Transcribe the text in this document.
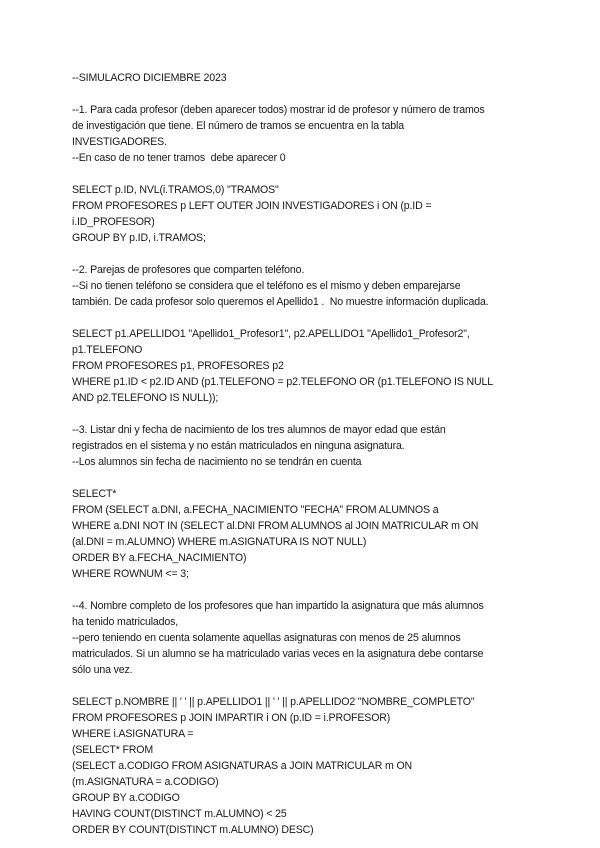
--SIMULACRO DICIEMBRE 2023
--1. Para cada profesor (deben aparecer todos) mostrar id de profesor y número de tramos
de investigación que tiene. El número de tramos se encuentra en la tabla
INVESTIGADORES.
--En caso de no tener tramos  debe aparecer 0
SELECT p.ID, NVL(i.TRAMOS,0) "TRAMOS"
FROM PROFESORES p LEFT OUTER JOIN INVESTIGADORES i ON (p.ID =
i.ID_PROFESOR)
GROUP BY p.ID, i.TRAMOS;
--2. Parejas de profesores que comparten teléfono.
--Si no tienen teléfono se considera que el teléfono es el mismo y deben emparejarse
también. De cada profesor solo queremos el Apellido1 .  No muestre información duplicada.
SELECT p1.APELLIDO1 "Apellido1_Profesor1", p2.APELLIDO1 "Apellido1_Profesor2",
p1.TELEFONO
FROM PROFESORES p1, PROFESORES p2
WHERE p1.ID < p2.ID AND (p1.TELEFONO = p2.TELEFONO OR (p1.TELEFONO IS NULL
AND p2.TELEFONO IS NULL));
--3. Listar dni y fecha de nacimiento de los tres alumnos de mayor edad que están
registrados en el sistema y no están matriculados en ninguna asignatura.
--Los alumnos sin fecha de nacimiento no se tendrán en cuenta
SELECT*
FROM (SELECT a.DNI, a.FECHA_NACIMIENTO "FECHA" FROM ALUMNOS a
WHERE a.DNI NOT IN (SELECT al.DNI FROM ALUMNOS al JOIN MATRICULAR m ON
(al.DNI = m.ALUMNO) WHERE m.ASIGNATURA IS NOT NULL)
ORDER BY a.FECHA_NACIMIENTO)
WHERE ROWNUM <= 3;
--4. Nombre completo de los profesores que han impartido la asignatura que más alumnos
ha tenido matriculados,
--pero teniendo en cuenta solamente aquellas asignaturas con menos de 25 alumnos
matriculados. Si un alumno se ha matriculado varias veces en la asignatura debe contarse
sólo una vez.
SELECT p.NOMBRE || ' ' || p.APELLIDO1 || ' ' || p.APELLIDO2 "NOMBRE_COMPLETO"
FROM PROFESORES p JOIN IMPARTIR i ON (p.ID = i.PROFESOR)
WHERE i.ASIGNATURA =
(SELECT* FROM
(SELECT a.CODIGO FROM ASIGNATURAS a JOIN MATRICULAR m ON
(m.ASIGNATURA = a.CODIGO)
GROUP BY a.CODIGO
HAVING COUNT(DISTINCT m.ALUMNO) < 25
ORDER BY COUNT(DISTINCT m.ALUMNO) DESC)
